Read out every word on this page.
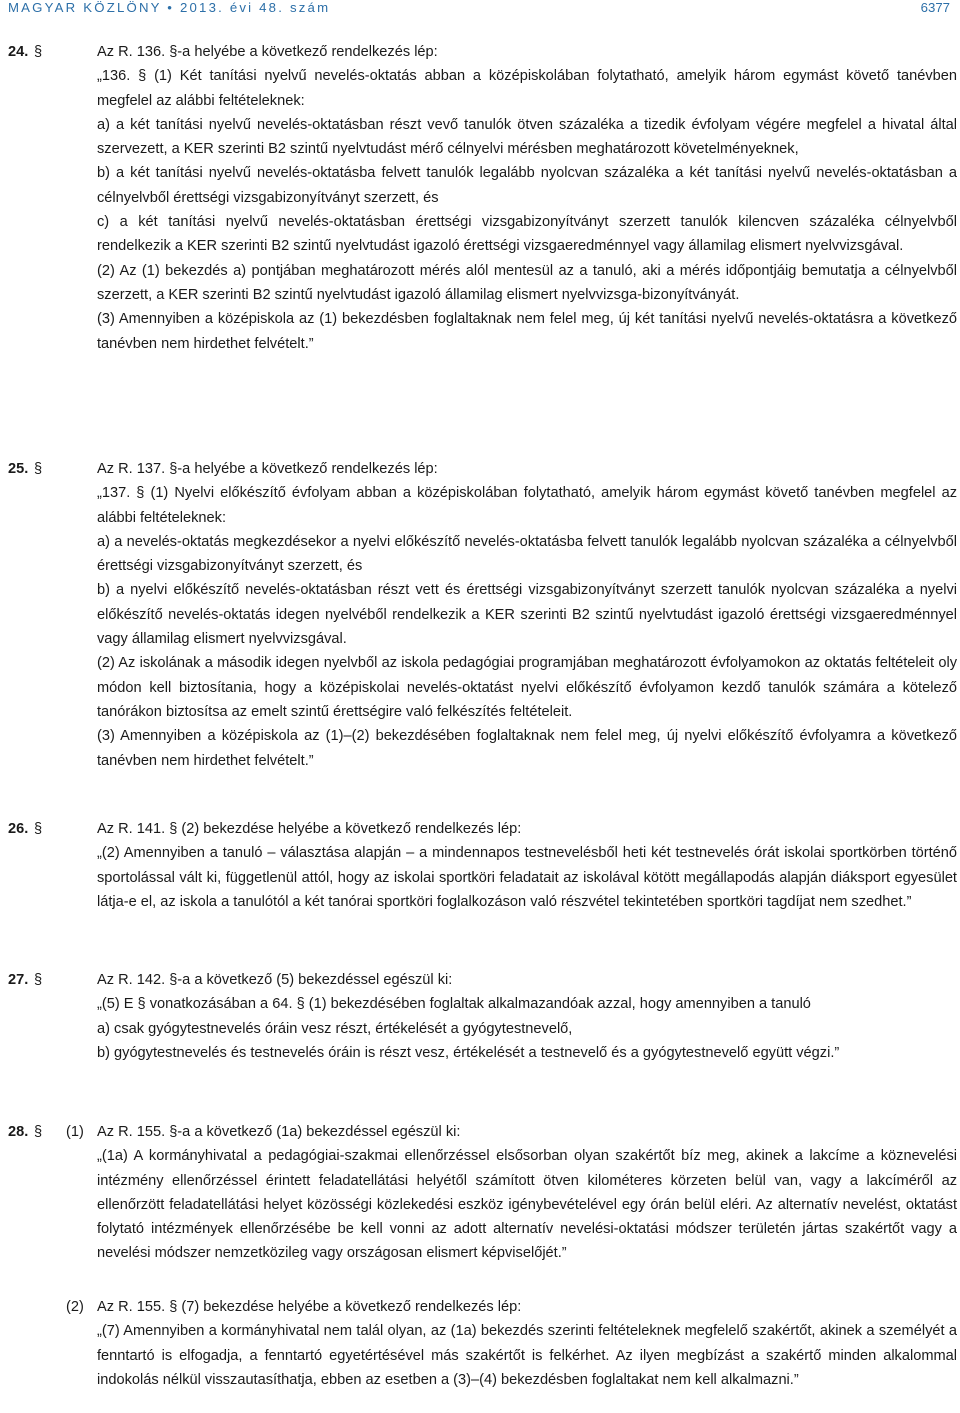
MAGYAR KÖZLÖNY • 2013. évi 48. szám	6377
24. §	Az R. 136. §-a helyébe a következő rendelkezés lép:

„136. § (1) Két tanítási nyelvű nevelés-oktatás abban a középiskolában folytatható, amelyik három egymást követő tanévben megfelel az alábbi feltételeknek:

a) a két tanítási nyelvű nevelés-oktatásban részt vevő tanulók ötven százaléka a tizedik évfolyam végére megfelel a hivatal által szervezett, a KER szerinti B2 szintű nyelvtudást mérő célnyelvi mérésben meghatározott követelményeknek,

b) a két tanítási nyelvű nevelés-oktatásba felvett tanulók legalább nyolcvan százaléka a két tanítási nyelvű nevelés-oktatásban a célnyelvből érettségi vizsgabizonyítványt szerzett, és

c) a két tanítási nyelvű nevelés-oktatásban érettségi vizsgabizonyítványt szerzett tanulók kilencven százaléka célnyelvből rendelkezik a KER szerinti B2 szintű nyelvtudást igazoló érettségi vizsgaeredménnyel vagy államilag elismert nyelvvizsgával.

(2) Az (1) bekezdés a) pontjában meghatározott mérés alól mentesül az a tanuló, aki a mérés időpontjáig bemutatja a célnyelvből szerzett, a KER szerinti B2 szintű nyelvtudást igazoló államilag elismert nyelvvizsga-bizonyítványát.

(3) Amennyiben a középiskola az (1) bekezdésben foglaltaknak nem felel meg, új két tanítási nyelvű nevelés-oktatásra a következő tanévben nem hirdethet felvételt.”

25. §	Az R. 137. §-a helyébe a következő rendelkezés lép:

„137. § (1) Nyelvi előkészítő évfolyam abban a középiskolában folytatható, amelyik három egymást követő tanévben megfelel az alábbi feltételeknek:

a) a nevelés-oktatás megkezdésekor a nyelvi előkészítő nevelés-oktatásba felvett tanulók legalább nyolcvan százaléka a célnyelvből érettségi vizsgabizonyítványt szerzett, és

b) a nyelvi előkészítő nevelés-oktatásban részt vett és érettségi vizsgabizonyítványt szerzett tanulók nyolcvan százaléka a nyelvi előkészítő nevelés-oktatás idegen nyelvéből rendelkezik a KER szerinti B2 szintű nyelvtudást igazoló érettségi vizsgaeredménnyel vagy államilag elismert nyelvvizsgával.

(2) Az iskolának a második idegen nyelvből az iskola pedagógiai programjában meghatározott évfolyamokon az oktatás feltételeit oly módon kell biztosítania, hogy a középiskolai nevelés-oktatást nyelvi előkészítő évfolyamon kezdő tanulók számára a kötelező tanórákon biztosítsa az emelt szintű érettségire való felkészítés feltételeit.

(3) Amennyiben a középiskola az (1)–(2) bekezdésében foglaltaknak nem felel meg, új nyelvi előkészítő évfolyamra a következő tanévben nem hirdethet felvételt.”

26. §	Az R. 141. § (2) bekezdése helyébe a következő rendelkezés lép:

„(2) Amennyiben a tanuló – választása alapján – a mindennapos testnevelésből heti két testnevelés órát iskolai sportkörben történő sportolással vált ki, függetlenül attól, hogy az iskolai sportköri feladatait az iskolával kötött megállapodás alapján diáksport egyesület látja-e el, az iskola a tanulótól a két tanórai sportköri foglalkozáson való részvétel tekintetében sportköri tagdíjat nem szedhet.”

27. §	Az R. 142. §-a a következő (5) bekezdéssel egészül ki:

„(5) E § vonatkozásában a 64. § (1) bekezdésében foglaltak alkalmazandóak azzal, hogy amennyiben a tanuló

a) csak gyógytestnevelés óráin vesz részt, értékelését a gyógytestnevelő,

b) gyógytestnevelés és testnevelés óráin is részt vesz, értékelését a testnevelő és a gyógytestnevelő együtt végzi.”

28. § (1) Az R. 155. §-a a következő (1a) bekezdéssel egészül ki:

„(1a) A kormányhivatal a pedagógiai-szakmai ellenőrzéssel elsősorban olyan szakértőt bíz meg, akinek a lakcíme a köznevelési intézmény ellenőrzéssel érintett feladatellátási helyétől számított ötven kilométeres körzeten belül van, vagy a lakcíméről az ellenőrzött feladatellátási helyet közösségi közlekedési eszköz igénybevételével egy órán belül eléri. Az alternatív nevelést, oktatást folytató intézmények ellenőrzésébe be kell vonni az adott alternatív nevelési-oktatási módszer területén jártas szakértőt vagy a nevelési módszer nemzetközileg vagy országosan elismert képviselőjét.”

(2) Az R. 155. § (7) bekezdése helyébe a következő rendelkezés lép:

„(7) Amennyiben a kormányhivatal nem talál olyan, az (1a) bekezdés szerinti feltételeknek megfelelő szakértőt, akinek a személyét a fenntartó is elfogadja, a fenntartó egyetértésével más szakértőt is felkérhet. Az ilyen megbízást a szakértő minden alkalommal indokolás nélkül visszautasíthatja, ebben az esetben a (3)–(4) bekezdésben foglaltakat nem kell alkalmazni.”
